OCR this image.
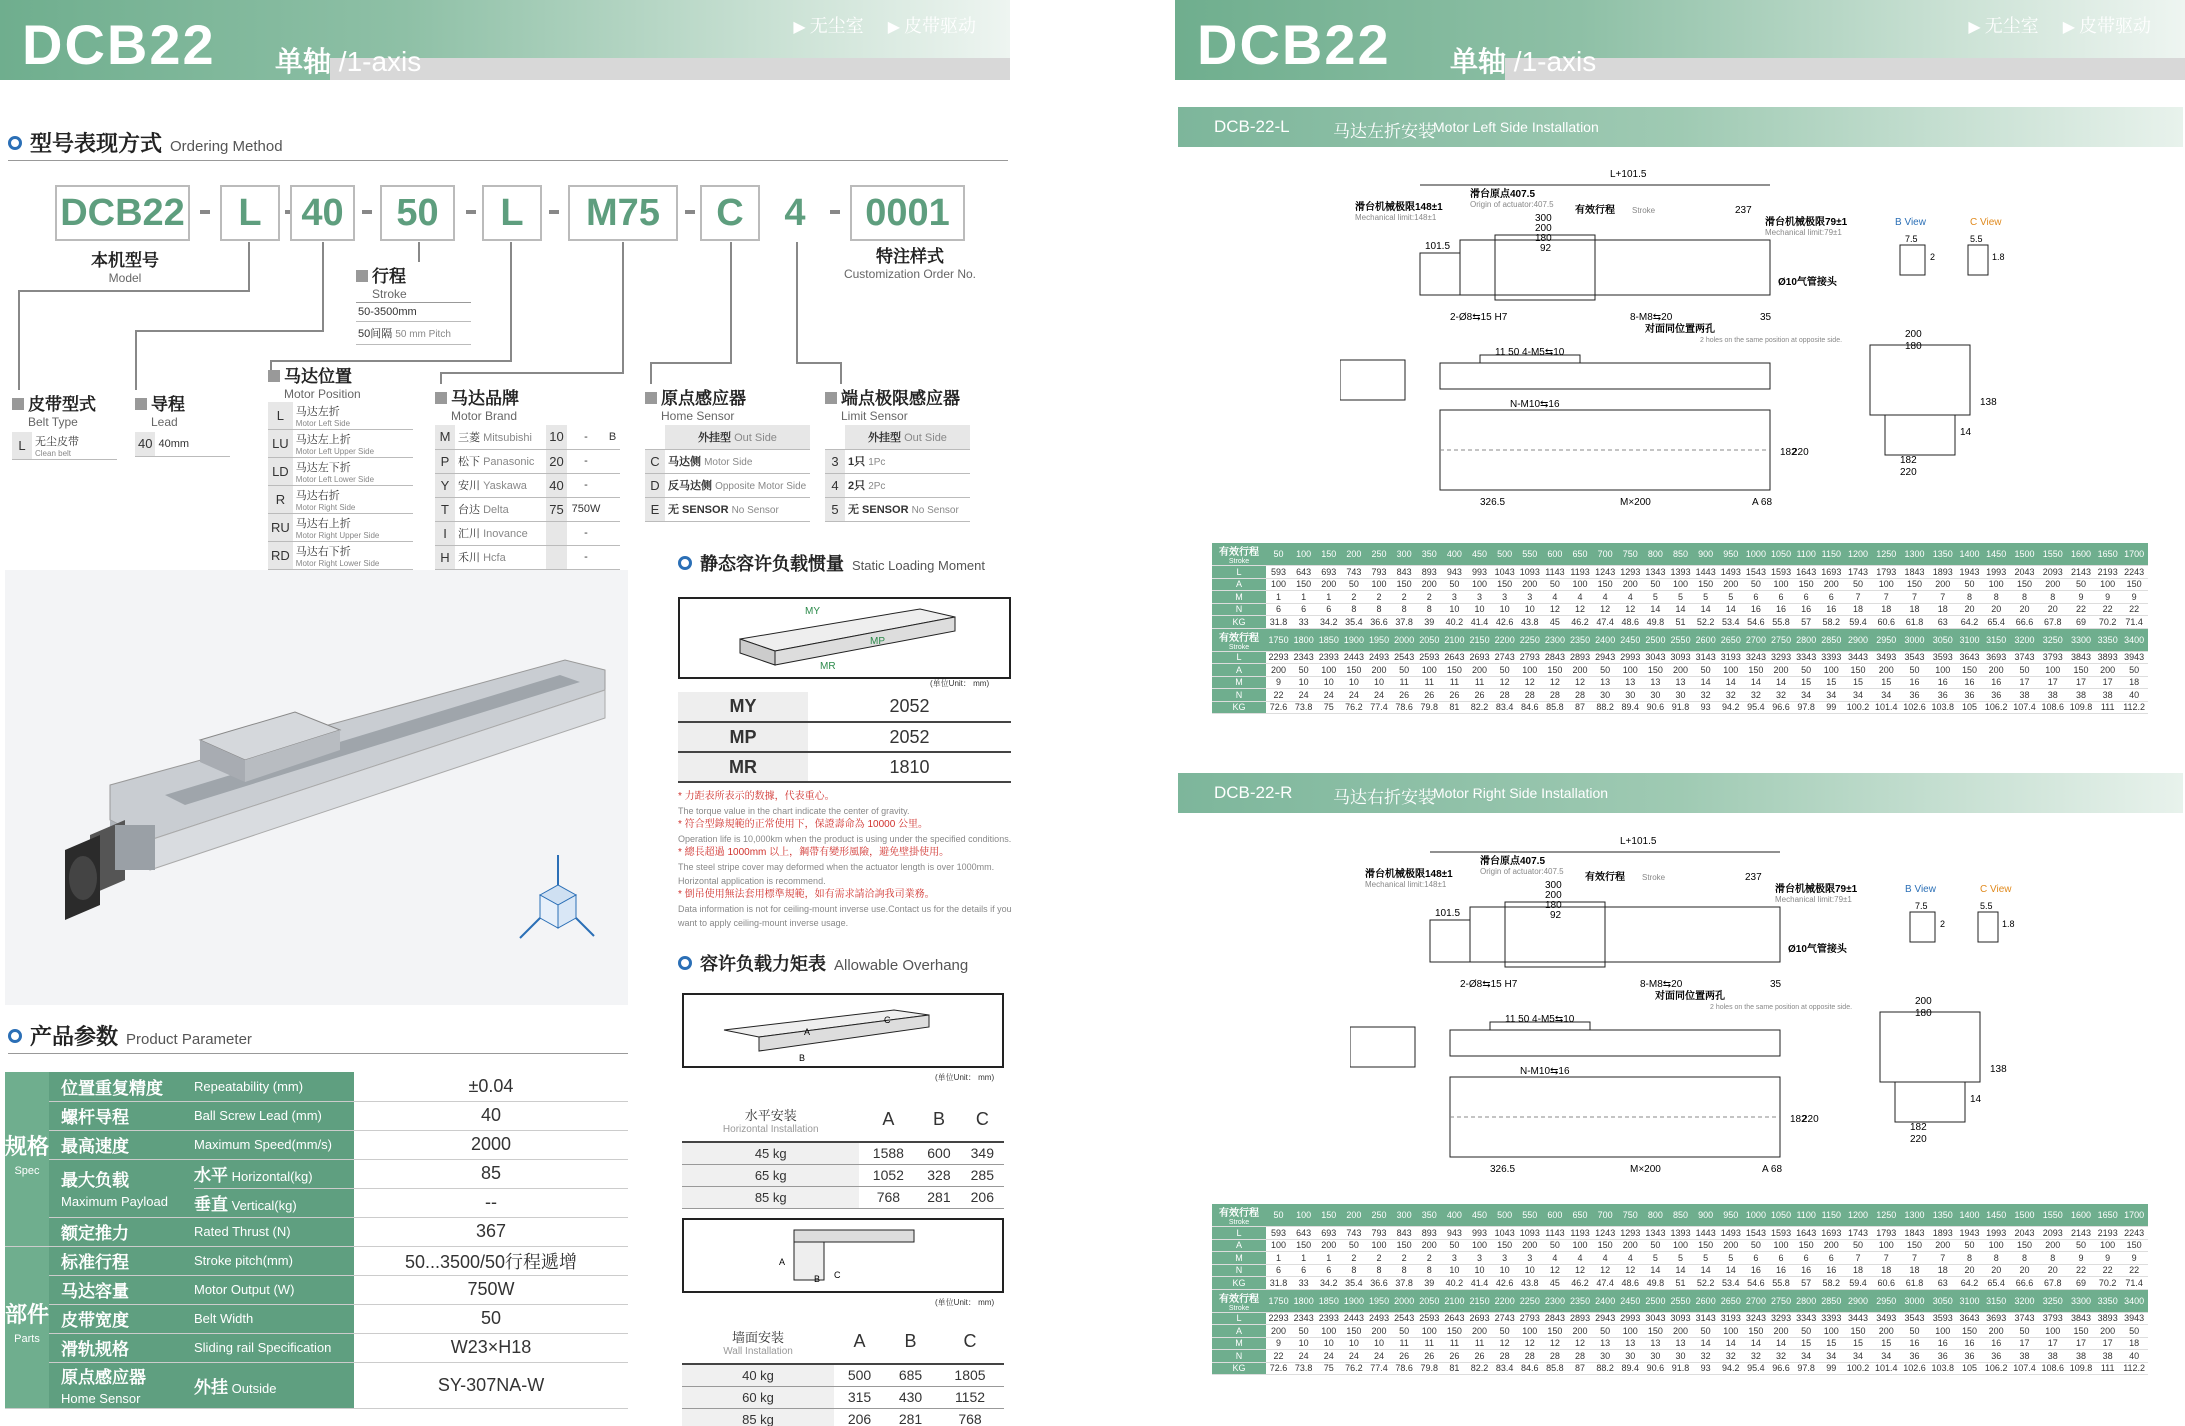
DCB22 单轴 /1-axis
▶ 无尘室	▶ 皮带驱动	DCB22 单轴 /1-axis
▶ 无尘室	▶ 皮带驱动
型号表现方式 Ordering Method
DCB22	L	40	50	L	M75	C	4	0001
本机型号
Model
特注样式
Customization Order No.
行程
Stroke
50-3500mm
50间隔 50 mm Pitch
皮带型式
Belt Type
L	无尘皮带
Clean belt
导程
Lead
40	40mm
马达位置
Motor Position
L	马达左折
Motor Left Side

LU	马达左上折
Motor Left Upper Side

LD	马达左下折
Motor Left Lower Side

R	马达右折
Motor Right Side

RU	马达右上折
Motor Right Upper Side

RD	马达右下折
Motor Right Lower Side
马达品牌
Motor Brand
M	三菱 Mitsubishi	10	-	B
P	松下 Panasonic	20	-	
Y	安川 Yaskawa	40	-	
T	台达 Delta	75	750W	
I	汇川 Inovance		-	
H	禾川 Hcfa		-	

原点感应器
Home Sensor
	外挂型 Out Side
C	马达侧 Motor Side
D	反马达侧 Opposite Motor Side
E	无 SENSOR No Sensor
端点极限感应器
Limit Sensor
	外挂型 Out Side
3	1只 1Pc
4	2只 2Pc
5	无 SENSOR No Sensor
产品参数 Product Parameter
规格
Spec	位置重复精度	Repeatability (mm)	±0.04
	螺杆导程	Ball Screw Lead (mm)	40
	最高速度	Maximum Speed(mm/s)	2000
	最大负载
Maximum Payload	水平 Horizontal(kg)	85
		垂直 Vertical(kg)	--
	额定推力	Rated Thrust (N)	367
部件
Parts	标准行程	Stroke pitch(mm)	50...3500/50行程遞增
	马达容量	Motor Output (W)	750W
	皮带宽度	Belt Width	50
	滑轨规格	Sliding rail Specification	W23×H18
	原点感应器
Home Sensor	外挂 Outside	SY-307NA-W
静态容许负载惯量 Static Loading Moment
MY
MP
MR
(单位Unit： mm)
MY	2052
MP	2052
MR	1810
* 力距表所表示的数據，代表重心。
The torque value in the chart indicate the center of gravity.
* 符合型錄規範的正常使用下，保證壽命為 10000 公里。
Operation life is 10,000km when the product is using under the specified conditions.
* 總長超過 1000mm 以上，鋼帶有變形風險，避免壁掛使用。
The steel stripe cover may deformed when the actuator length is over 1000mm. Horizontal application is recommend.
* 倒吊使用無法套用標準規範，如有需求請洽詢我司業務。
Data information is not for ceiling-mount inverse use.Contact us for the details if you want to apply ceiling-mount inverse usage.
容许负载力矩表 Allowable Overhang
A
B
C
(单位Unit： mm)
水平安装
Horizontal Installation	A	B	C
45 kg	1588	600	349
65 kg	1052	328	285
85 kg	768	281	206
A
B C
(单位Unit： mm)
墙面安装
Wall Installation	A	B	C
40 kg	500	685	1805
60 kg	315	430	1152
85 kg	206	281	768
DCB-22-L	马达左折安装
Motor Left Side Installation
L+101.5
滑台原点407.5
Origin of actuator:407.5
有效行程 Stroke	237
滑台机械极限148±1
Mechanical limit:148±1	滑台机械极限79±1
Mechanical limit:79±1
300
200
180
92
101.5
Ø10气管接头
2-Ø8⇆15 H7	8-M8⇆20
对面同位置两孔
2 holes on the same position at opposite side.
35
11 50 4-M5⇆10
N-M10⇆16
326.5	M×200	A 68
182
220
B View	C View
7.5
2
5.5
1.8
200
180
182
220
14
138
有效行程
Stroke	50	100	150	200	250	300	350	400	450	500	550	600	650	700	750	800	850	900	950	1000	1050	1100	1150	1200	1250	1300	1350	1400	1450	1500	1550	1600	1650	1700
L	593	643	693	743	793	843	893	943	993	1043	1093	1143	1193	1243	1293	1343	1393	1443	1493	1543	1593	1643	1693	1743	1793	1843	1893	1943	1993	2043	2093	2143	2193	2243
A	100	150	200	50	100	150	200	50	100	150	200	50	100	150	200	50	100	150	200	50	100	150	200	50	100	150	200	50	100	150	200	50	100	150
M	1	1	1	2	2	2	2	3	3	3	3	4	4	4	4	5	5	5	5	6	6	6	6	7	7	7	7	8	8	8	8	9	9	9
N	6	6	6	8	8	8	8	10	10	10	10	12	12	12	12	14	14	14	14	16	16	16	16	18	18	18	18	20	20	20	20	22	22	22
KG	31.8	33	34.2	35.4	36.6	37.8	39	40.2	41.4	42.6	43.8	45	46.2	47.4	48.6	49.8	51	52.2	53.4	54.6	55.8	57	58.2	59.4	60.6	61.8	63	64.2	65.4	66.6	67.8	69	70.2	71.4

有效行程
Stroke	1750	1800	1850	1900	1950	2000	2050	2100	2150	2200	2250	2300	2350	2400	2450	2500	2550	2600	2650	2700	2750	2800	2850	2900	2950	3000	3050	3100	3150	3200	3250	3300	3350	3400
L	2293	2343	2393	2443	2493	2543	2593	2643	2693	2743	2793	2843	2893	2943	2993	3043	3093	3143	3193	3243	3293	3343	3393	3443	3493	3543	3593	3643	3693	3743	3793	3843	3893	3943
A	200	50	100	150	200	50	100	150	200	50	100	150	200	50	100	150	200	50	100	150	200	50	100	150	200	50	100	150	200	50	100	150	200	50
M	9	10	10	10	10	11	11	11	11	12	12	12	12	13	13	13	13	14	14	14	14	15	15	15	15	16	16	16	16	17	17	17	17	18
N	22	24	24	24	24	26	26	26	26	28	28	28	28	30	30	30	30	32	32	32	32	34	34	34	34	36	36	36	36	38	38	38	38	40
KG	72.6	73.8	75	76.2	77.4	78.6	79.8	81	82.2	83.4	84.6	85.8	87	88.2	89.4	90.6	91.8	93	94.2	95.4	96.6	97.8	99	100.2	101.4	102.6	103.8	105	106.2	107.4	108.6	109.8	111	112.2
DCB-22-R 马达右折安装
Motor Right Side Installation
L+101.5
滑台原点407.5
Origin of actuator:407.5
有效行程 Stroke	237
滑台机械极限148±1
Mechanical limit:148±1	滑台机械极限79±1
Mechanical limit:79±1
300
200
180
92
101.5
Ø10气管接头
2-Ø8⇆15 H7	8-M8⇆20
对面同位置两孔
2 holes on the same position at opposite side.
35
11 50 4-M5⇆10
N-M10⇆16
326.5	M×200	A 68
182
220
B View	C View
7.5
2
5.5
1.8
200
180
182
220
14
138
有效行程
Stroke	50	100	150	200	250	300	350	400	450	500	550	600	650	700	750	800	850	900	950	1000	1050	1100	1150	1200	1250	1300	1350	1400	1450	1500	1550	1600	1650	1700
L	593	643	693	743	793	843	893	943	993	1043	1093	1143	1193	1243	1293	1343	1393	1443	1493	1543	1593	1643	1693	1743	1793	1843	1893	1943	1993	2043	2093	2143	2193	2243
A	100	150	200	50	100	150	200	50	100	150	200	50	100	150	200	50	100	150	200	50	100	150	200	50	100	150	200	50	100	150	200	50	100	150
M	1	1	1	2	2	2	2	3	3	3	3	4	4	4	4	5	5	5	5	6	6	6	6	7	7	7	7	8	8	8	8	9	9	9
N	6	6	6	8	8	8	8	10	10	10	10	12	12	12	12	14	14	14	14	16	16	16	16	18	18	18	18	20	20	20	20	22	22	22
KG	31.8	33	34.2	35.4	36.6	37.8	39	40.2	41.4	42.6	43.8	45	46.2	47.4	48.6	49.8	51	52.2	53.4	54.6	55.8	57	58.2	59.4	60.6	61.8	63	64.2	65.4	66.6	67.8	69	70.2	71.4

有效行程
Stroke	1750	1800	1850	1900	1950	2000	2050	2100	2150	2200	2250	2300	2350	2400	2450	2500	2550	2600	2650	2700	2750	2800	2850	2900	2950	3000	3050	3100	3150	3200	3250	3300	3350	3400
L	2293	2343	2393	2443	2493	2543	2593	2643	2693	2743	2793	2843	2893	2943	2993	3043	3093	3143	3193	3243	3293	3343	3393	3443	3493	3543	3593	3643	3693	3743	3793	3843	3893	3943
A	200	50	100	150	200	50	100	150	200	50	100	150	200	50	100	150	200	50	100	150	200	50	100	150	200	50	100	150	200	50	100	150	200	50
M	9	10	10	10	10	11	11	11	11	12	12	12	12	13	13	13	13	14	14	14	14	15	15	15	15	16	16	16	16	17	17	17	17	18
N	22	24	24	24	24	26	26	26	26	28	28	28	28	30	30	30	30	32	32	32	32	34	34	34	34	36	36	36	36	38	38	38	38	40
KG	72.6	73.8	75	76.2	77.4	78.6	79.8	81	82.2	83.4	84.6	85.8	87	88.2	89.4	90.6	91.8	93	94.2	95.4	96.6	97.8	99	100.2	101.4	102.6	103.8	105	106.2	107.4	108.6	109.8	111	112.2
